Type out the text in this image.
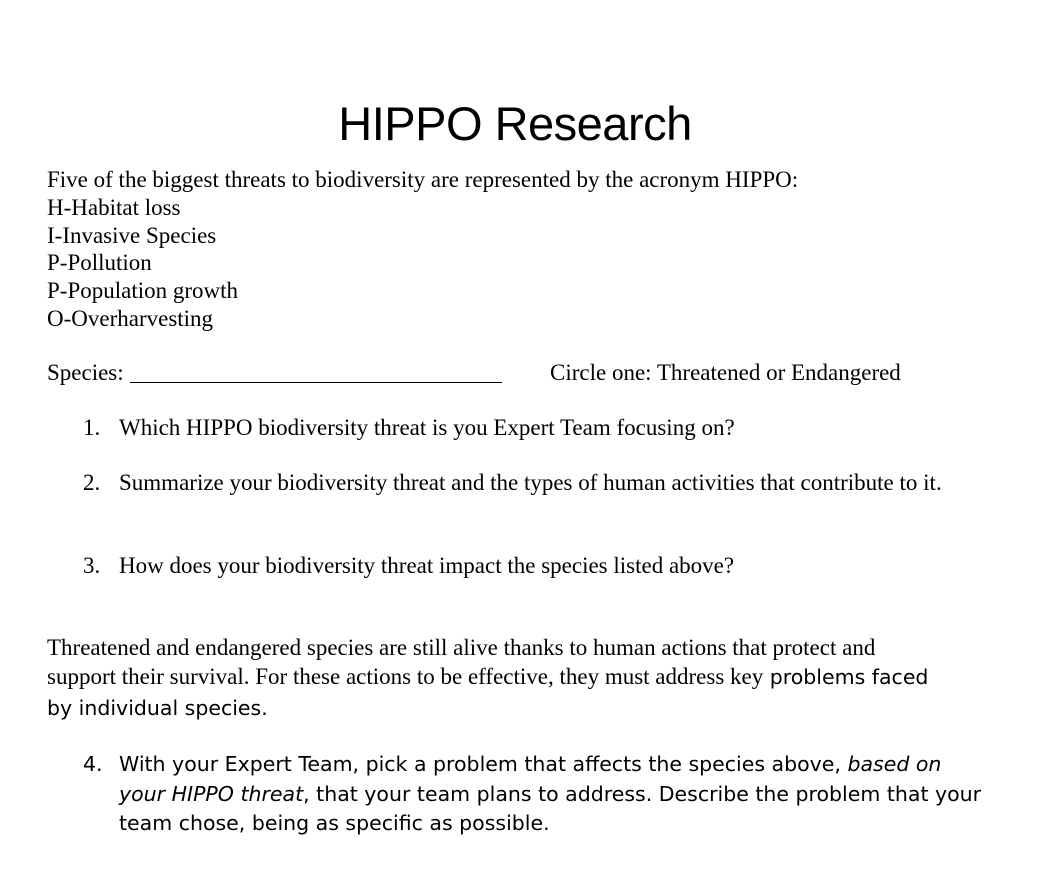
HIPPO Research
Five of the biggest threats to biodiversity are represented by the acronym HIPPO:
H-Habitat loss
I-Invasive Species
P-Pollution
P-Population growth
O-Overharvesting
Species:	Circle one: Threatened or Endangered
1. Which HIPPO biodiversity threat is you Expert Team focusing on?
2. Summarize your biodiversity threat and the types of human activities that contribute to it.
3. How does your biodiversity threat impact the species listed above?
Threatened and endangered species are still alive thanks to human actions that protect and
support their survival. For these actions to be effective, they must address key problems faced
by individual species.
4. With your Expert Team, pick a problem that affects the species above, based on
your HIPPO threat, that your team plans to address. Describe the problem that your
team chose, being as specific as possible.
